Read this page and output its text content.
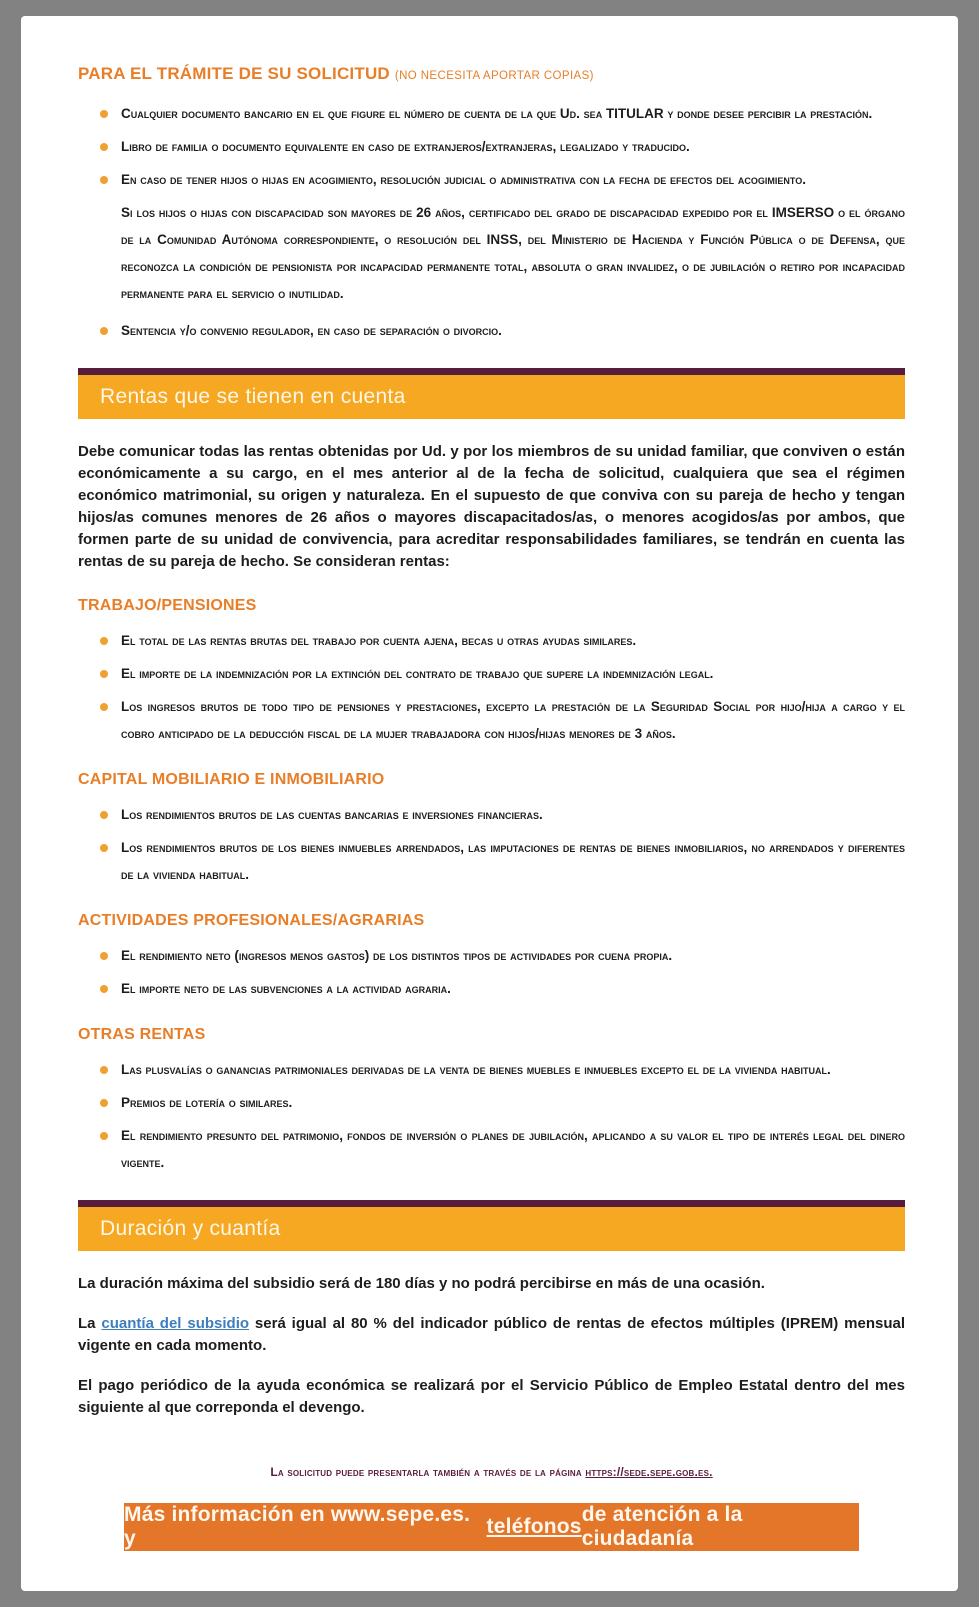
PARA EL TRÁMITE DE SU SOLICITUD (NO NECESITA APORTAR COPIAS)
Cualquier documento bancario en el que figure el número de cuenta de la que Ud. sea TITULAR y donde desee percibir la prestación.
Libro de familia o documento equivalente en caso de extranjeros/extranjeras, legalizado y traducido.
En caso de tener hijos o hijas en acogimiento, resolución judicial o administrativa con la fecha de efectos del acogimiento.

Si los hijos o hijas con discapacidad son mayores de 26 años, certificado del grado de discapacidad expedido por el IMSERSO o el órgano de la Comunidad Autónoma correspondiente, o resolución del INSS, del Ministerio de Hacienda y Función Pública o de Defensa, que reconozca la condición de pensionista por incapacidad permanente total, absoluta o gran invalidez, o de jubilación o retiro por incapacidad permanente para el servicio o inutilidad.

Sentencia y/o convenio regulador, en caso de separación o divorcio.
Rentas que se tienen en cuenta

Debe comunicar todas las rentas obtenidas por Ud. y por los miembros de su unidad familiar, que conviven o están económicamente a su cargo, en el mes anterior al de la fecha de solicitud, cualquiera que sea el régimen económico matrimonial, su origen y naturaleza. En el supuesto de que conviva con su pareja de hecho y tengan hijos/as comunes menores de 26 años o mayores discapacitados/as, o menores acogidos/as por ambos, que formen parte de su unidad de convivencia, para acreditar responsabilidades familiares, se tendrán en cuenta las rentas de su pareja de hecho. Se consideran rentas:

TRABAJO/PENSIONES
El total de las rentas brutas del trabajo por cuenta ajena, becas u otras ayudas similares.
El importe de la indemnización por la extinción del contrato de trabajo que supere la indemnización legal.
Los ingresos brutos de todo tipo de pensiones y prestaciones, excepto la prestación de la Seguridad Social por hijo/hija a cargo y el cobro anticipado de la deducción fiscal de la mujer trabajadora con hijos/hijas menores de 3 años.
CAPITAL MOBILIARIO E INMOBILIARIO
Los rendimientos brutos de las cuentas bancarias e inversiones financieras.
Los rendimientos brutos de los bienes inmuebles arrendados, las imputaciones de rentas de bienes inmobiliarios, no arrendados y diferentes de la vivienda habitual.
ACTIVIDADES PROFESIONALES/AGRARIAS
El rendimiento neto (ingresos menos gastos) de los distintos tipos de actividades por cuena propia.
El importe neto de las subvenciones a la actividad agraria.
OTRAS RENTAS
Las plusvalías o ganancias patrimoniales derivadas de la venta de bienes muebles e inmuebles excepto el de la vivienda habitual.
Premios de lotería o similares.
El rendimiento presunto del patrimonio, fondos de inversión o planes de jubilación, aplicando a su valor el tipo de interés legal del dinero vigente.
Duración y cuantía

La duración máxima del subsidio será de 180 días y no podrá percibirse en más de una ocasión.

La cuantía del subsidio será igual al 80 % del indicador público de rentas de efectos múltiples (IPREM) mensual vigente en cada momento.

El pago periódico de la ayuda económica se realizará por el Servicio Público de Empleo Estatal dentro del mes siguiente al que correponda el devengo.

La solicitud puede presentarla también a través de la página https://sede.sepe.gob.es.

Más información en www.sepe.es. y
teléfonos
de atención a la ciudadanía
